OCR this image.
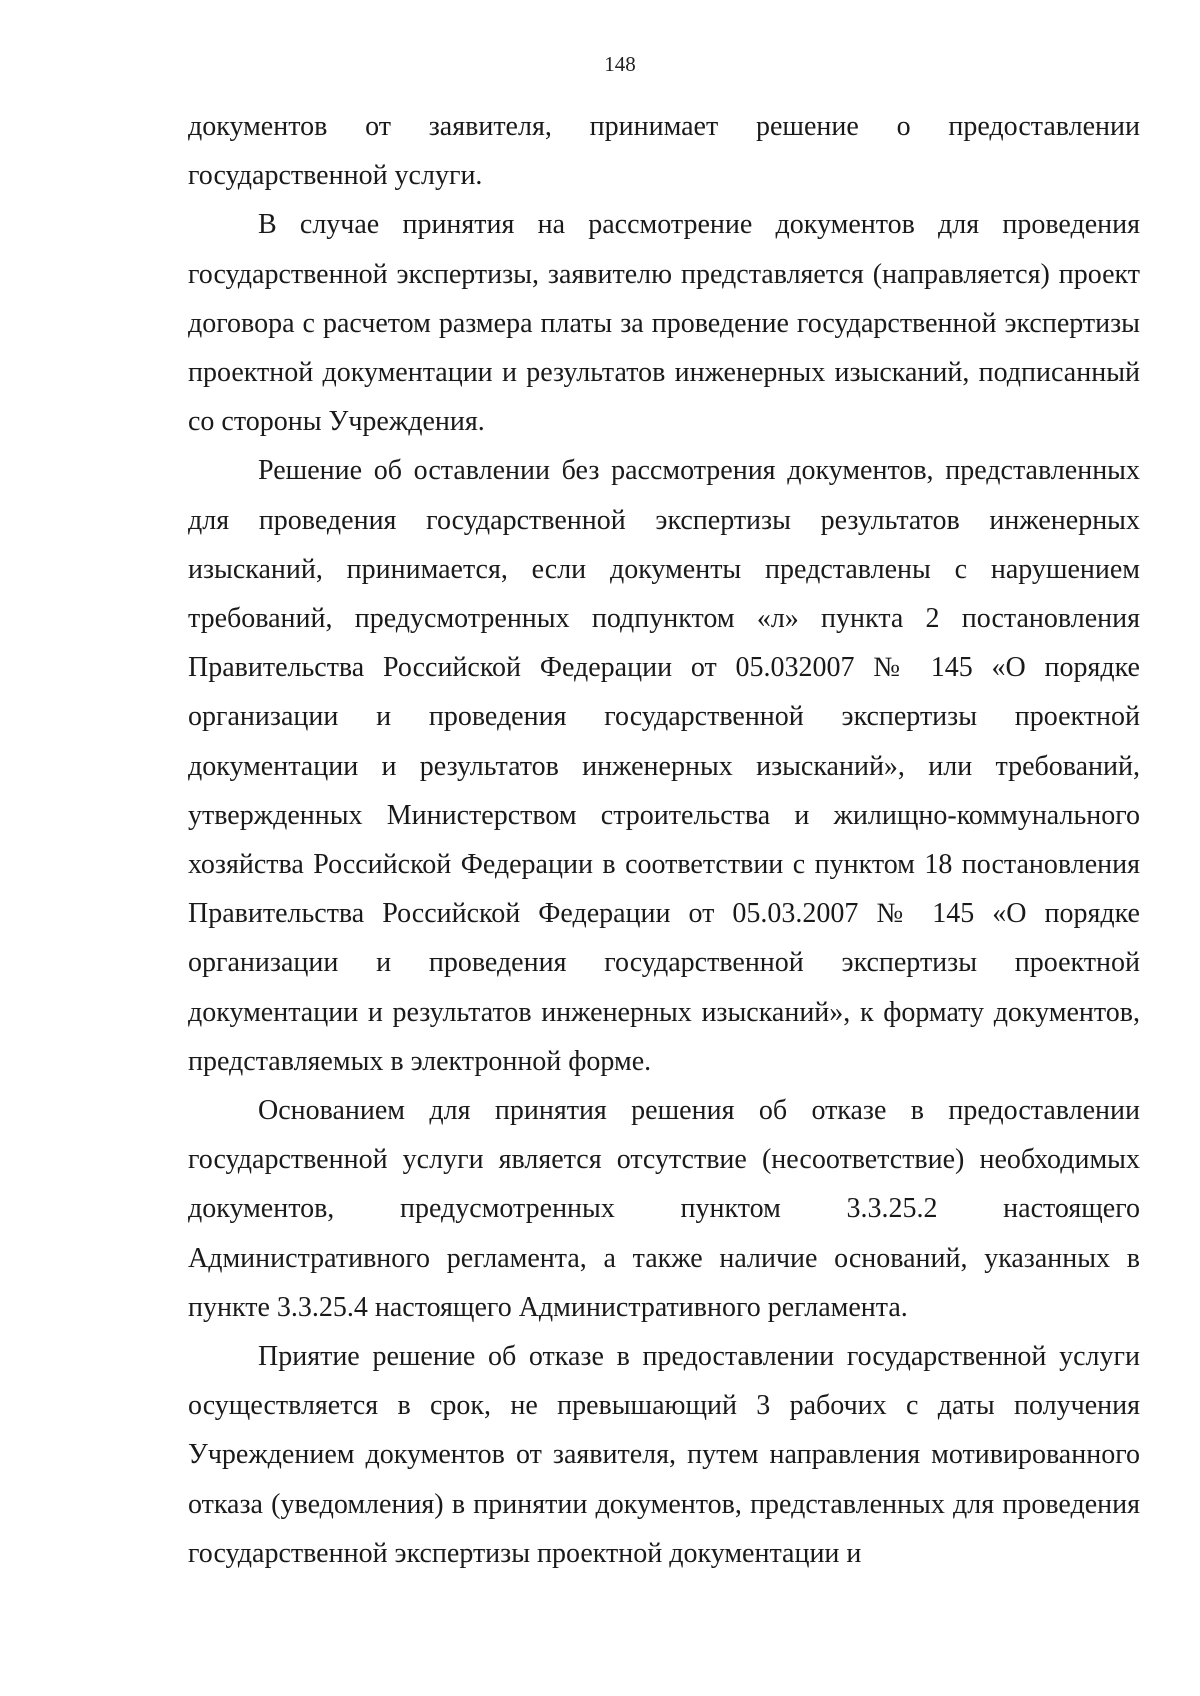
148

документов от заявителя, принимает решение о предоставлении государственной услуги.

В случае принятия на рассмотрение документов для проведения государственной экспертизы, заявителю представляется (направляется) проект договора с расчетом размера платы за проведение государственной экспертизы проектной документации и результатов инженерных изысканий, подписанный со стороны Учреждения.

Решение об оставлении без рассмотрения документов, представленных для проведения государственной экспертизы результатов инженерных изысканий, принимается, если документы представлены с нарушением требований, предусмотренных подпунктом «л» пункта 2 постановления Правительства Российской Федерации от 05.032007 № 145 «О порядке организации и проведения государственной экспертизы проектной документации и результатов инженерных изысканий», или требований, утвержденных Министерством строительства и жилищно-коммунального хозяйства Российской Федерации в соответствии с пунктом 18 постановления Правительства Российской Федерации от 05.03.2007 № 145 «О порядке организации и проведения государственной экспертизы проектной документации и результатов инженерных изысканий», к формату документов, представляемых в электронной форме.

Основанием для принятия решения об отказе в предоставлении государственной услуги является отсутствие (несоответствие) необходимых документов, предусмотренных пунктом 3.3.25.2 настоящего Административного регламента, а также наличие оснований, указанных в пункте 3.3.25.4 настоящего Административного регламента.

Приятие решение об отказе в предоставлении государственной услуги осуществляется в срок, не превышающий 3 рабочих с даты получения Учреждением документов от заявителя, путем направления мотивированного отказа (уведомления) в принятии документов, представленных для проведения государственной экспертизы проектной документации и
